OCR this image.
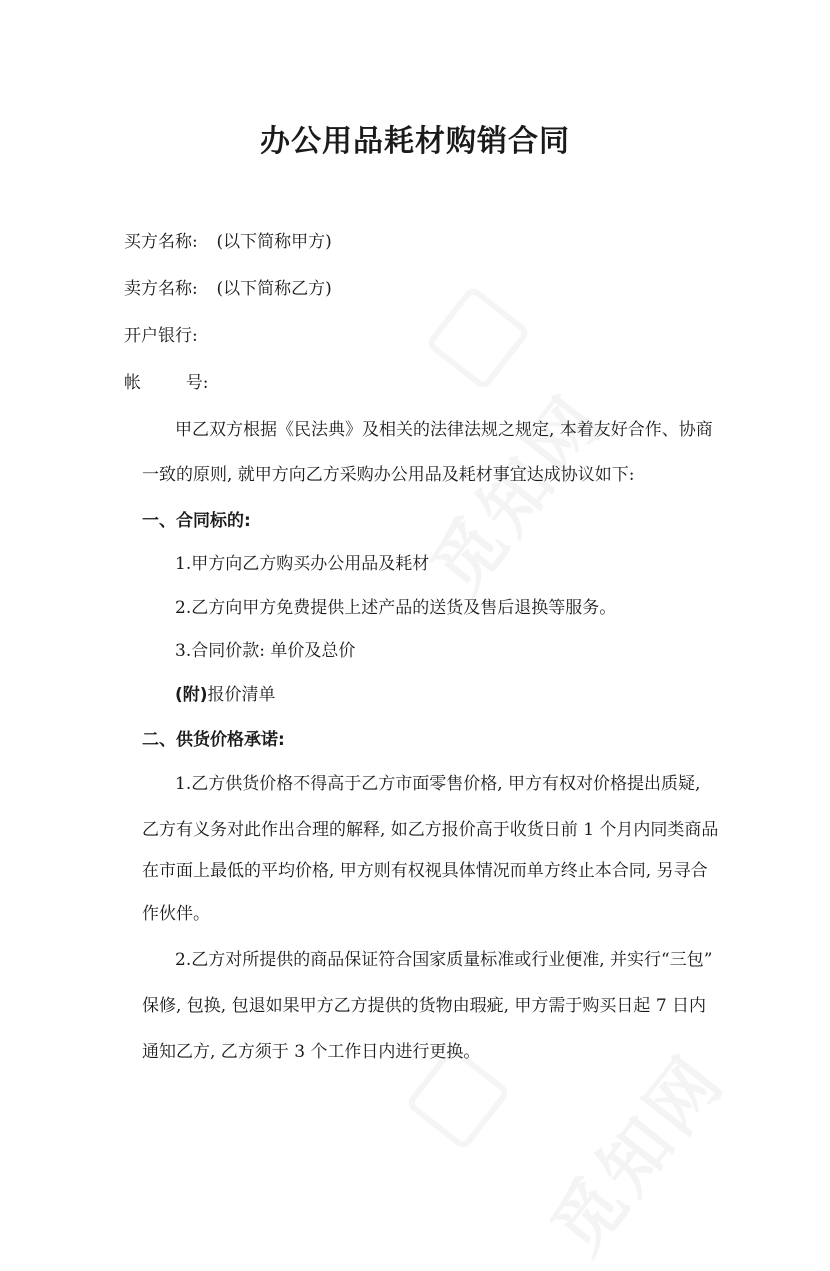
办公用品耗材购销合同
买方名称: (以下简称甲方)
卖方名称: (以下简称乙方)
开户银行:
帐	号:
甲乙双方根据《民法典》及相关的法律法规之规定, 本着友好合作、协商
一致的原则, 就甲方向乙方采购办公用品及耗材事宜达成协议如下:
一、合同标的:
1.甲方向乙方购买办公用品及耗材
2.乙方向甲方免费提供上述产品的送货及售后退换等服务。
3.合同价款: 单价及总价
(附)报价清单
二、供货价格承诺:
1.乙方供货价格不得高于乙方市面零售价格, 甲方有权对价格提出质疑,
乙方有义务对此作出合理的解释, 如乙方报价高于收货日前 1 个月内同类商品
在市面上最低的平均价格, 甲方则有权视具体情况而单方终止本合同, 另寻合
作伙伴。
2.乙方对所提供的商品保证符合国家质量标准或行业便准, 并实行“三包”
保修, 包换, 包退如果甲方乙方提供的货物由瑕疵, 甲方需于购买日起 7 日内
通知乙方, 乙方须于 3 个工作日内进行更换。
